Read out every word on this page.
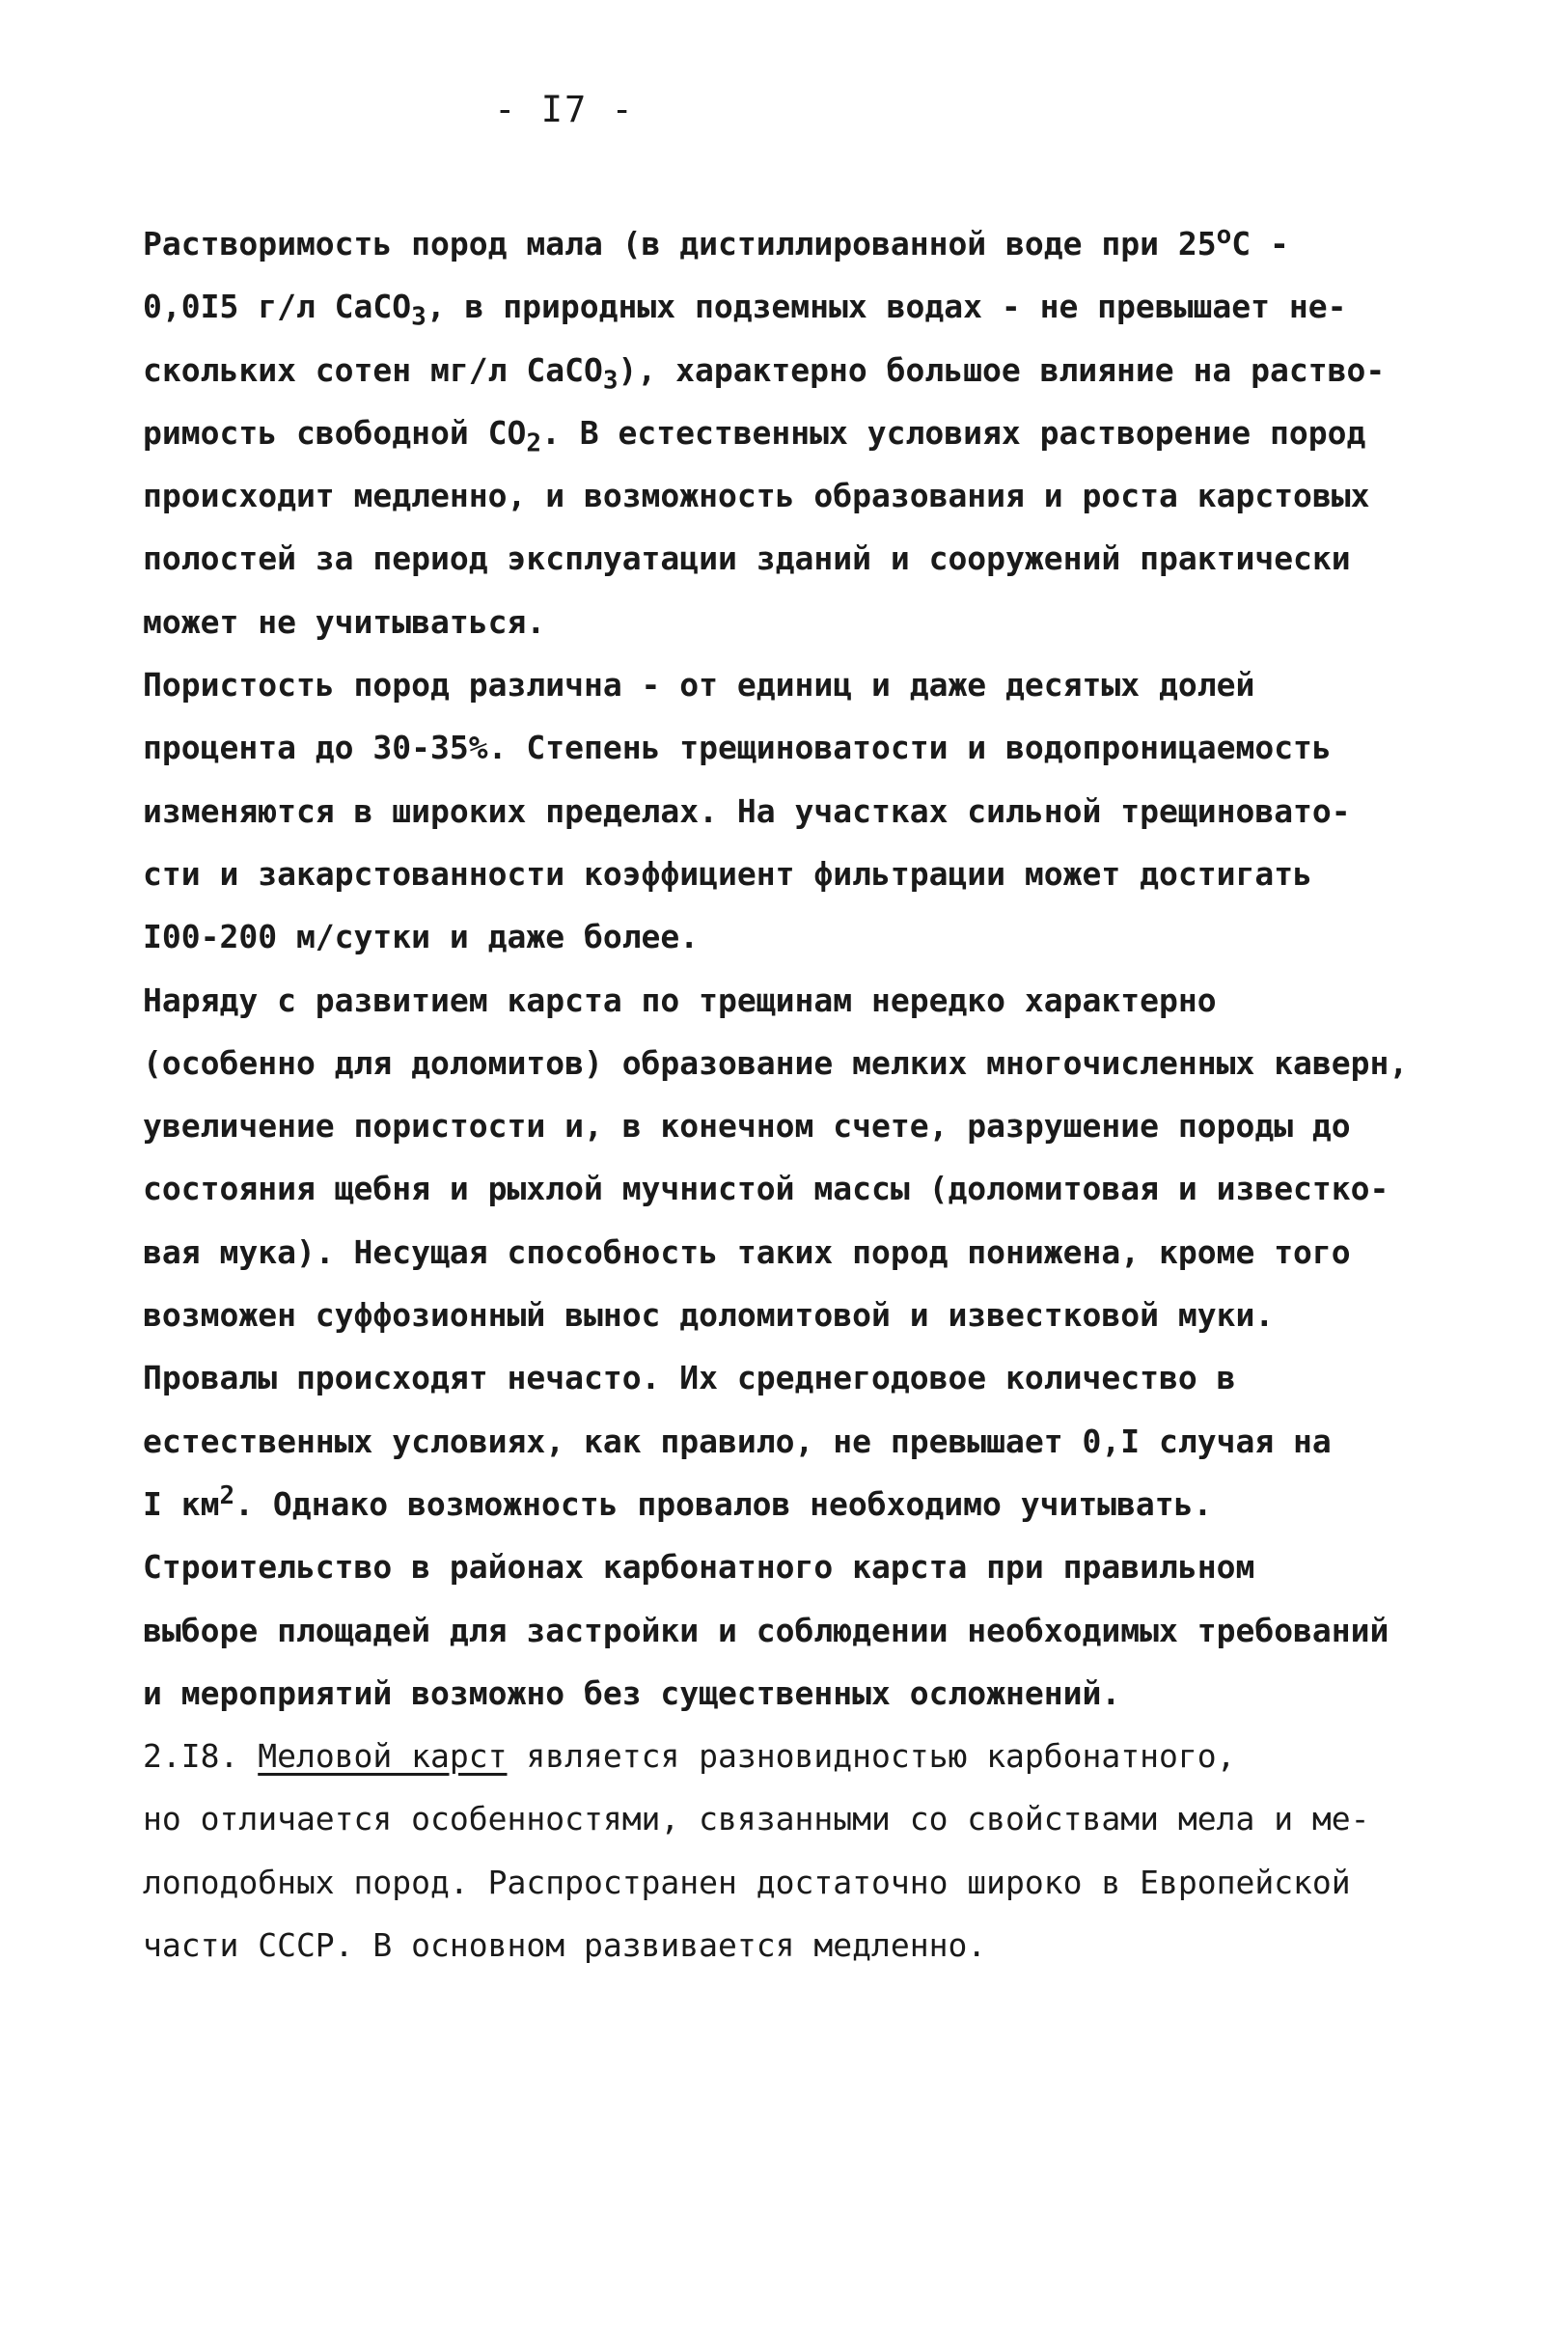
- I7 -

Растворимость пород мала (в дистиллированной воде при $25^оС$ -
0,0I5 г/л CaCO$_3$, в природных подземных водах - не превышает не-
скольких сотен мг/л CaCO$_3$), характерно большое влияние на раство-
римость свободной $CO_2$. В естественных условиях растворение пород
происходит медленно, и возможность образования и роста карстовых
полостей за период эксплуатации зданий и сооружений практически
может не учитываться.

Пористость пород различна - от единиц и даже десятых долей
процента до 30-35%. Степень трещиноватости и водопроницаемость
изменяются в широких пределах. На участках сильной трещиновато-
сти и закарстованности коэффициент фильтрации может достигать
I00-200 м/сутки и даже более.

Наряду с развитием карста по трещинам нередко характерно
(особенно для доломитов) образование мелких многочисленных каверн,
увеличение пористости и, в конечном счете, разрушение породы до
состояния щебня и рыхлой мучнистой массы (доломитовая и известко-
вая мука). Несущая способность таких пород понижена, кроме того
возможен суффозионный вынос доломитовой и известковой муки.

Провалы происходят нечасто. Их среднегодовое количество в
естественных условиях, как правило, не превышает 0,I случая на
I $км^2$. Однако возможность провалов необходимо учитывать.

Строительство в районах карбонатного карста при правильном
выборе площадей для застройки и соблюдении необходимых требований
и мероприятий возможно без существенных осложнений.

2.I8. Меловой карст является разновидностью карбонатного,
но отличается особенностями, связанными со свойствами мела и ме-
лоподобных пород. Распространен достаточно широко в Европейской
части СССР. В основном развивается медленно.
